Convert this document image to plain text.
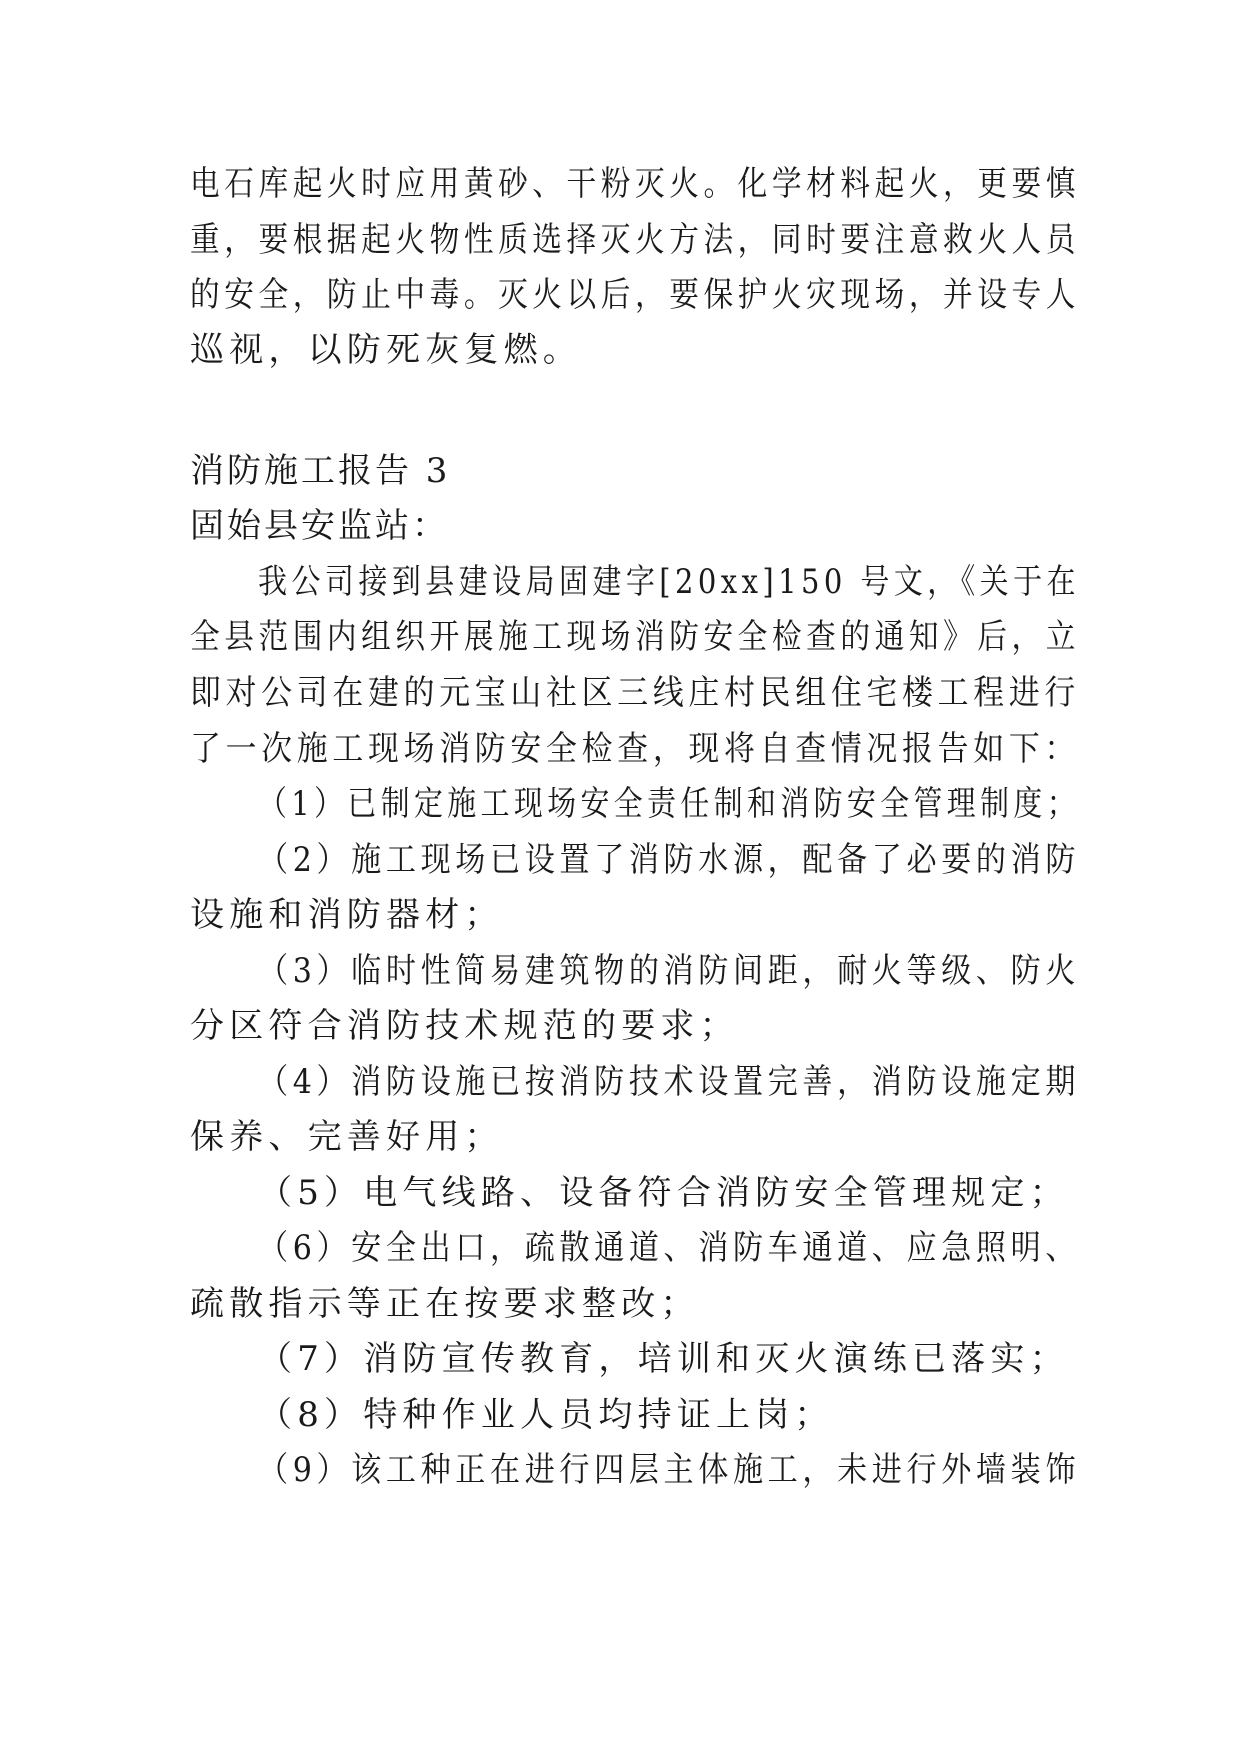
电石库起火时应用黄砂、干粉灭火。化学材料起火，更要慎
重，要根据起火物性质选择灭火方法，同时要注意救火人员
的安全，防止中毒。灭火以后，要保护火灾现场，并设专人
巡视，以防死灰复燃。
消防施工报告 3
固始县安监站：
我公司接到县建设局固建字[20xx]150 号文，《关于在
全县范围内组织开展施工现场消防安全检查的通知》后，立
即对公司在建的元宝山社区三线庄村民组住宅楼工程进行
了一次施工现场消防安全检查，现将自查情况报告如下：
（1）已制定施工现场安全责任制和消防安全管理制度；
（2）施工现场已设置了消防水源，配备了必要的消防
设施和消防器材；
（3）临时性简易建筑物的消防间距，耐火等级、防火
分区符合消防技术规范的要求；
（4）消防设施已按消防技术设置完善，消防设施定期
保养、完善好用；
（5）电气线路、设备符合消防安全管理规定；
（6）安全出口，疏散通道、消防车通道、应急照明、
疏散指示等正在按要求整改；
（7）消防宣传教育，培训和灭火演练已落实；
（8）特种作业人员均持证上岗；
（9）该工种正在进行四层主体施工，未进行外墙装饰
